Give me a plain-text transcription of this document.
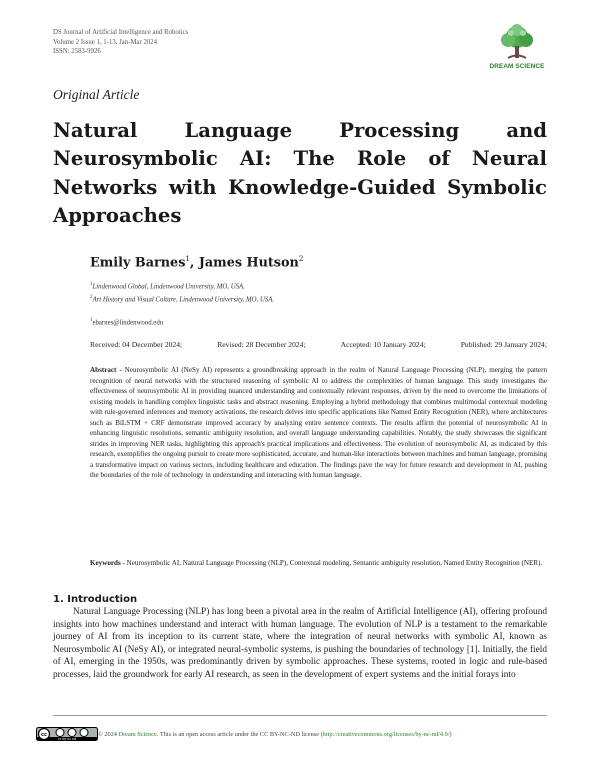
DS Journal of Artificial Intelligence and Robotics
Volume 2 Issue 1, 1-13, Jan-Mar 2024
ISSN: 2583-9926
DREAM SCIENCE
Original Article
Natural Language Processing and
Neurosymbolic AI: The Role of Neural
Networks with Knowledge-Guided Symbolic
Approaches
Emily Barnes$^1$, James Hutson$^2$
$^1$Lindenwood Global, Lindenwood University, MO, USA.
$^2$Art History and Visual Culture, Lindenwood University, MO, USA.
$^1$ebarnes@lindenwood.edu
Received: 04 December 2024;	Revised: 28 December 2024;	Accepted: 10 January 2024;	Published: 29 January 2024;
Abstract - Neurosymbolic AI (NeSy AI) represents a groundbreaking approach in the realm of Natural Language Processing (NLP), merging the pattern recognition of neural networks with the structured reasoning of symbolic AI to address the complexities of human language. This study investigates the effectiveness of neurosymbolic AI in providing nuanced understanding and contextually relevant responses, driven by the need to overcome the limitations of existing models in handling complex linguistic tasks and abstract reasoning. Employing a hybrid methodology that combines multimodal contextual modeling with rule-governed inferences and memory activations, the research delves into specific applications like Named Entity Recognition (NER), where architectures such as BiLSTM + CRF demonstrate improved accuracy by analyzing entire sentence contexts. The results affirm the potential of neurosymbolic AI in enhancing linguistic resolutions, semantic ambiguity resolution, and overall language understanding capabilities. Notably, the study showcases the significant strides in improving NER tasks, highlighting this approach's practical implications and effectiveness. The evolution of neurosymbolic AI, as indicated by this research, exemplifies the ongoing pursuit to create more sophisticated, accurate, and human-like interactions between machines and human language, promising a transformative impact on various sectors, including healthcare and education. The findings pave the way for future research and development in AI, pushing the boundaries of the role of technology in understanding and interacting with human language.
Keywords - Neurosymbolic AI, Natural Language Processing (NLP), Contextual modeling, Semantic ambiguity resolution, Named Entity Recognition (NER).
1. Introduction

Natural Language Processing (NLP) has long been a pivotal area in the realm of Artificial Intelligence (AI), offering profound insights into how machines understand and interact with human language. The evolution of NLP is a testament to the remarkable journey of AI from its inception to its current state, where the integration of neural networks with symbolic AI, known as Neurosymbolic AI (NeSy AI), or integrated neural-symbolic systems, is pushing the boundaries of technology [1]. Initially, the field of AI, emerging in the 1950s, was predominantly driven by symbolic approaches. These systems, rooted in logic and rule-based processes, laid the groundwork for early AI research, as seen in the development of expert systems and the initial forays into

cc
cc by nc nd
© 2024 Dream Science. This is an open access article under the CC BY-NC-ND license (http://creativecommons.org/licenses/by-nc-nd/4.0/)
